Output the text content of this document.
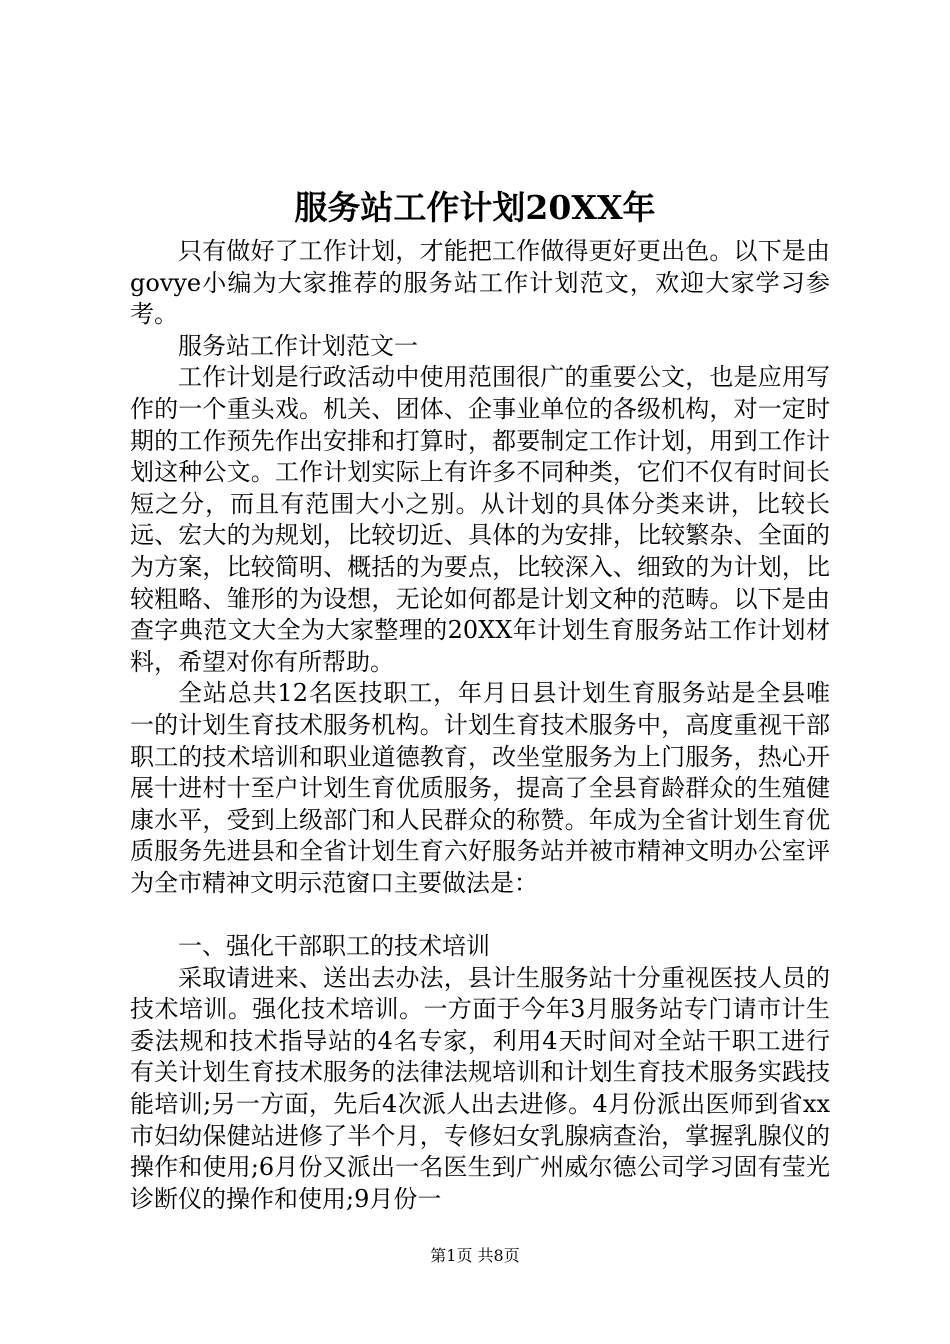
服务站工作计划20XX年

只有做好了工作计划，才能把工作做得更好更出色。以下是由govye小编为大家推荐的服务站工作计划范文，欢迎大家学习参考。

服务站工作计划范文一

工作计划是行政活动中使用范围很广的重要公文，也是应用写作的一个重头戏。机关、团体、企事业单位的各级机构，对一定时期的工作预先作出安排和打算时，都要制定工作计划，用到工作计划这种公文。工作计划实际上有许多不同种类，它们不仅有时间长短之分，而且有范围大小之别。从计划的具体分类来讲，比较长远、宏大的为规划，比较切近、具体的为安排，比较繁杂、全面的为方案，比较简明、概括的为要点，比较深入、细致的为计划，比较粗略、雏形的为设想，无论如何都是计划文种的范畴。以下是由查字典范文大全为大家整理的20XX年计划生育服务站工作计划材料，希望对你有所帮助。

全站总共12名医技职工，年月日县计划生育服务站是全县唯一的计划生育技术服务机构。计划生育技术服务中，高度重视干部职工的技术培训和职业道德教育，改坐堂服务为上门服务，热心开展十进村十至户计划生育优质服务，提高了全县育龄群众的生殖健康水平，受到上级部门和人民群众的称赞。年成为全省计划生育优质服务先进县和全省计划生育六好服务站并被市精神文明办公室评为全市精神文明示范窗口主要做法是：

一、强化干部职工的技术培训

采取请进来、送出去办法，县计生服务站十分重视医技人员的技术培训。强化技术培训。一方面于今年3月服务站专门请市计生委法规和技术指导站的4名专家，利用4天时间对全站干职工进行有关计划生育技术服务的法律法规培训和计划生育技术服务实践技能培训;另一方面，先后4次派人出去进修。4月份派出医师到省xx市妇幼保健站进修了半个月，专修妇女乳腺病查治，掌握乳腺仪的操作和使用;6月份又派出一名医生到广州威尔德公司学习固有莹光诊断仪的操作和使用;9月份一

第1页 共8页
